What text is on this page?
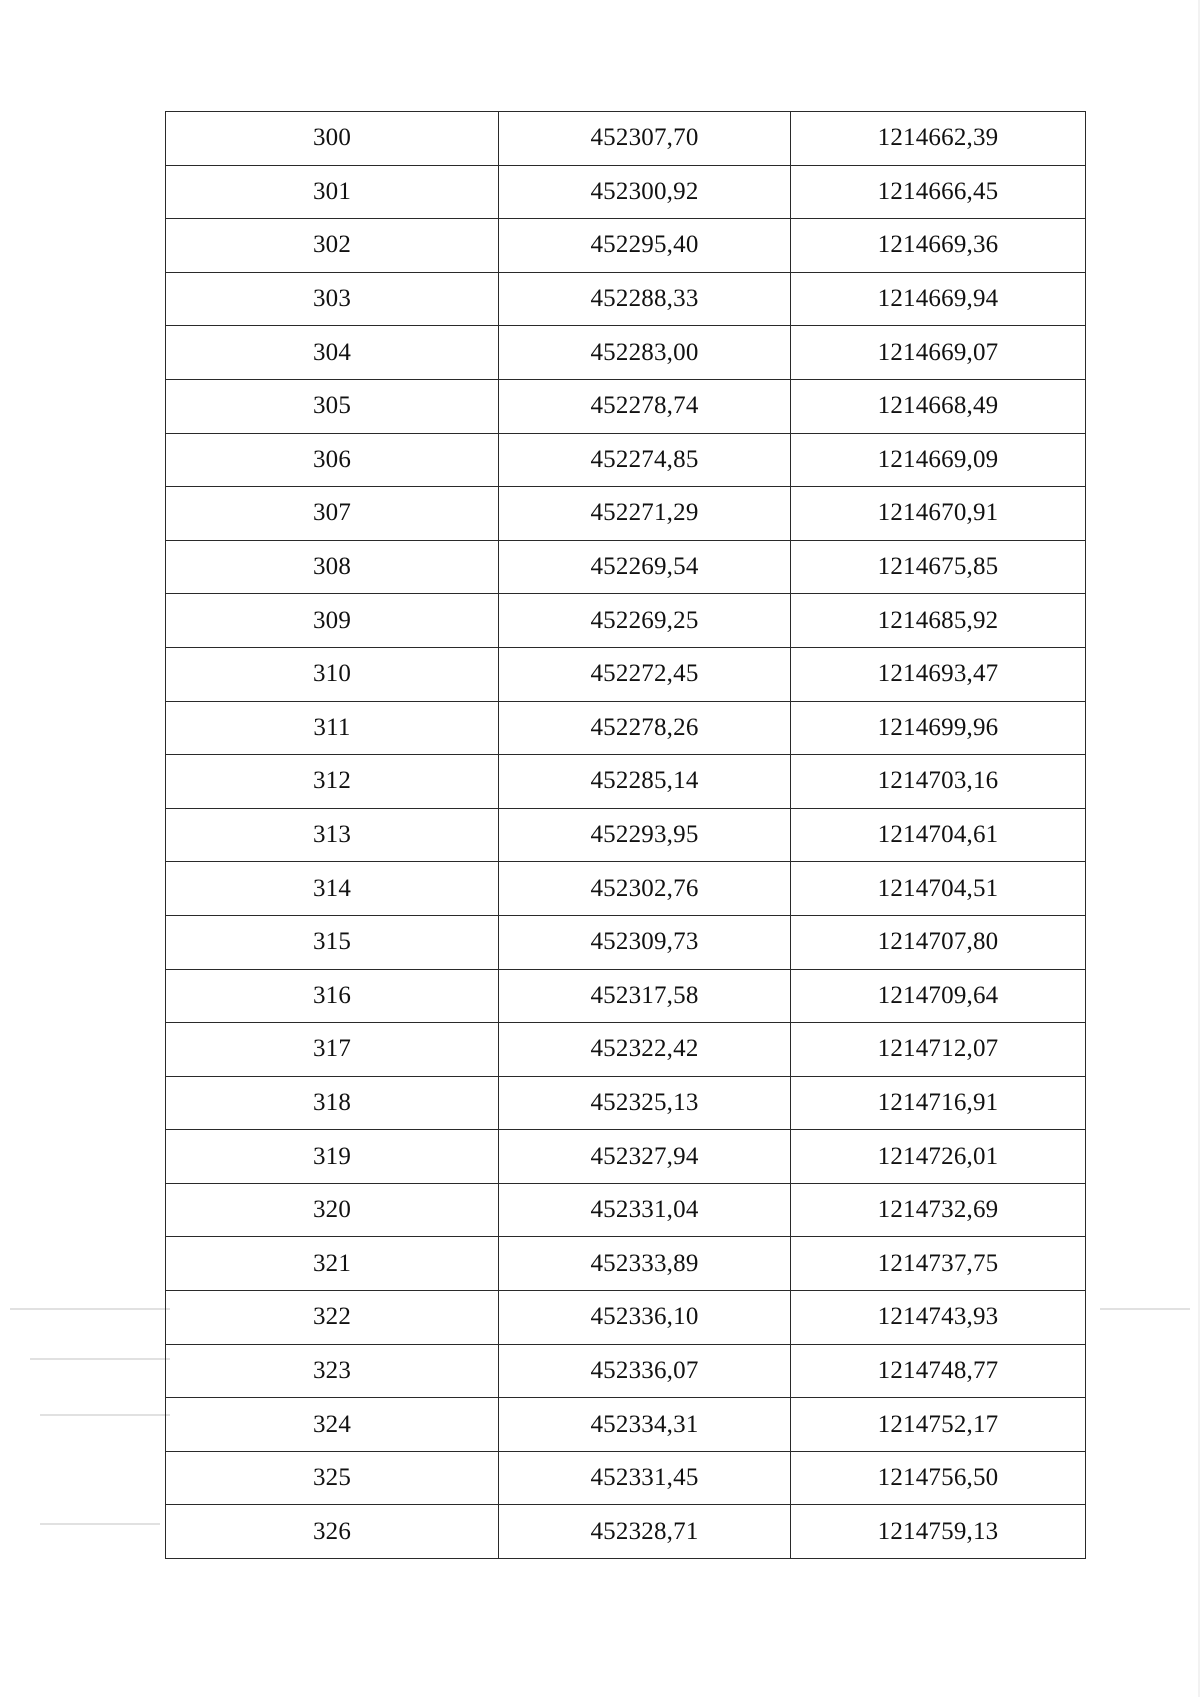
300	452307,70	1214662,39
301	452300,92	1214666,45
302	452295,40	1214669,36
303	452288,33	1214669,94
304	452283,00	1214669,07
305	452278,74	1214668,49
306	452274,85	1214669,09
307	452271,29	1214670,91
308	452269,54	1214675,85
309	452269,25	1214685,92
310	452272,45	1214693,47
311	452278,26	1214699,96
312	452285,14	1214703,16
313	452293,95	1214704,61
314	452302,76	1214704,51
315	452309,73	1214707,80
316	452317,58	1214709,64
317	452322,42	1214712,07
318	452325,13	1214716,91
319	452327,94	1214726,01
320	452331,04	1214732,69
321	452333,89	1214737,75
322	452336,10	1214743,93
323	452336,07	1214748,77
324	452334,31	1214752,17
325	452331,45	1214756,50
326	452328,71	1214759,13
